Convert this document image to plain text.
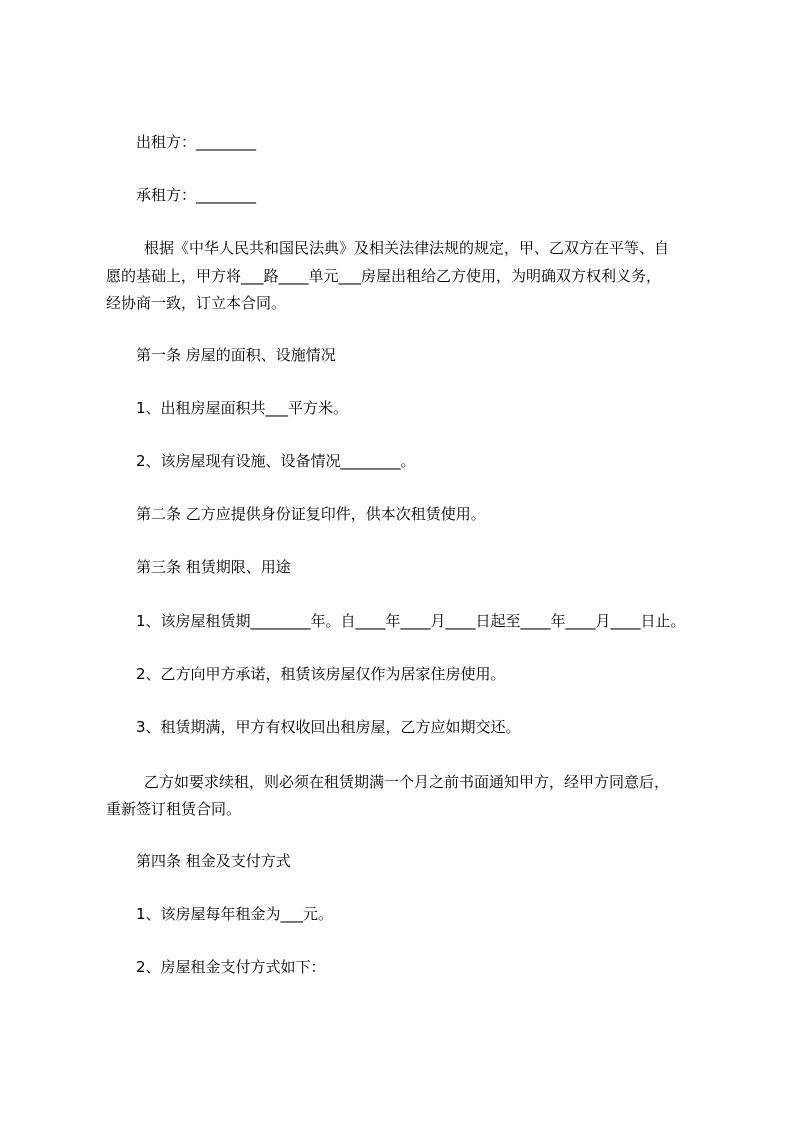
出租方：________

承租方：________

根据《中华人民共和国民法典》及相关法律法规的规定，甲、乙双方在平等、自

愿的基础上，甲方将___路____单元___房屋出租给乙方使用，为明确双方权利义务，

经协商一致，订立本合同。

第一条 房屋的面积、设施情况

1、出租房屋面积共___平方米。

2、该房屋现有设施、设备情况________。

第二条 乙方应提供身份证复印件，供本次租赁使用。

第三条 租赁期限、用途

1、该房屋租赁期________年。自____年____月____日起至____年____月____日止。

2、乙方向甲方承诺，租赁该房屋仅作为居家住房使用。

3、租赁期满，甲方有权收回出租房屋，乙方应如期交还。

乙方如要求续租，则必须在租赁期满一个月之前书面通知甲方，经甲方同意后，

重新签订租赁合同。

第四条 租金及支付方式

1、该房屋每年租金为___元。

2、房屋租金支付方式如下：
